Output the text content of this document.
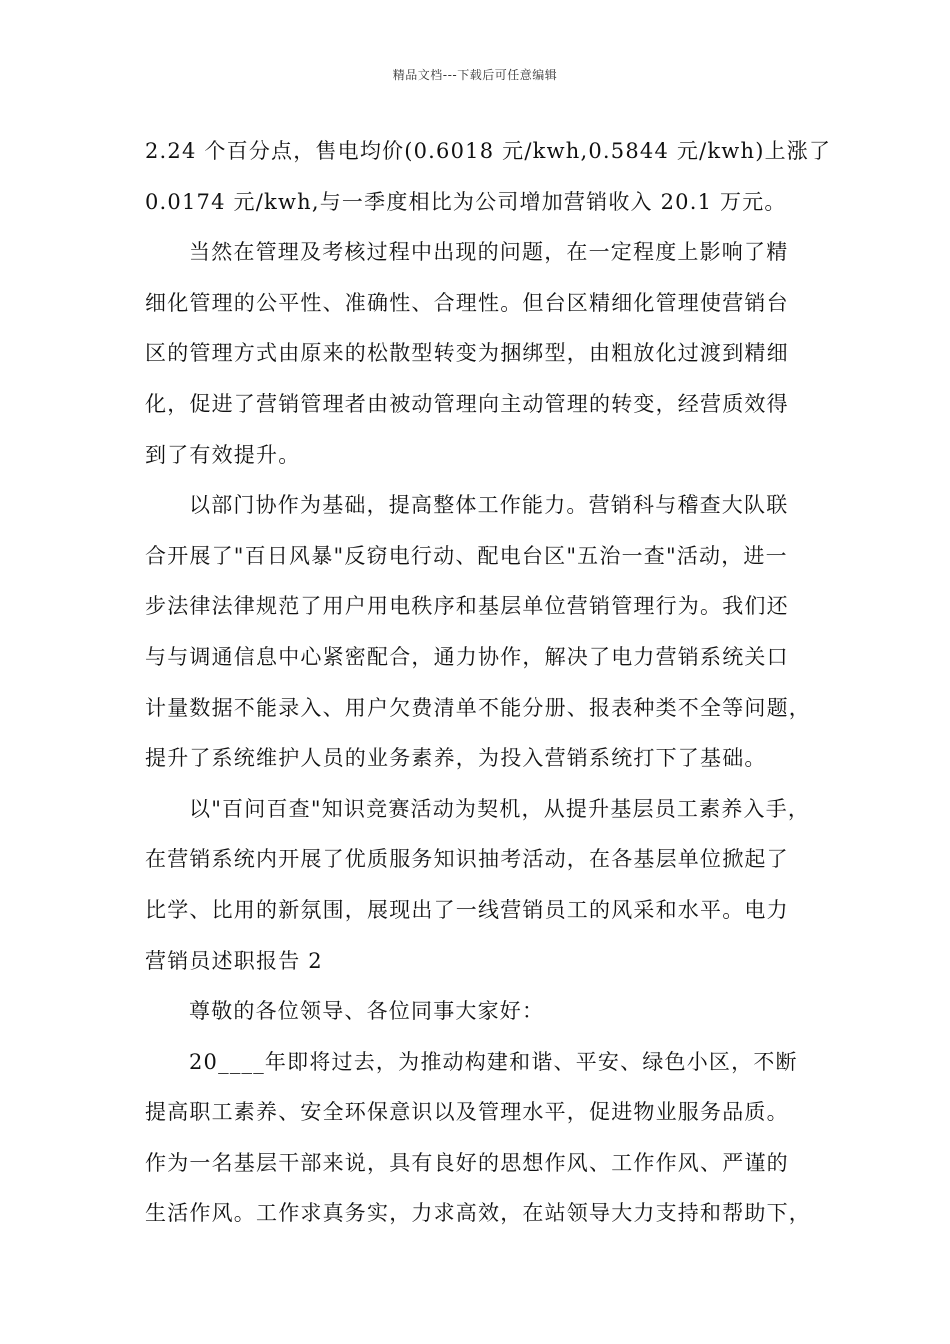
精品文档---下载后可任意编辑
2.24 个百分点，售电均价(0.6018 元/kwh,0.5844 元/kwh)上涨了
0.0174 元/kwh,与一季度相比为公司增加营销收入 20.1 万元。
当然在管理及考核过程中出现的问题，在一定程度上影响了精
细化管理的公平性、准确性、合理性。但台区精细化管理使营销台
区的管理方式由原来的松散型转变为捆绑型，由粗放化过渡到精细
化，促进了营销管理者由被动管理向主动管理的转变，经营质效得
到了有效提升。
以部门协作为基础，提高整体工作能力。营销科与稽查大队联
合开展了"百日风暴"反窃电行动、配电台区"五治一查"活动，进一
步法律法律规范了用户用电秩序和基层单位营销管理行为。我们还
与与调通信息中心紧密配合，通力协作，解决了电力营销系统关口
计量数据不能录入、用户欠费清单不能分册、报表种类不全等问题，
提升了系统维护人员的业务素养，为投入营销系统打下了基础。
以"百问百查"知识竞赛活动为契机，从提升基层员工素养入手，
在营销系统内开展了优质服务知识抽考活动，在各基层单位掀起了
比学、比用的新氛围，展现出了一线营销员工的风采和水平。电力
营销员述职报告 2
尊敬的各位领导、各位同事大家好：
20____年即将过去，为推动构建和谐、平安、绿色小区，不断
提高职工素养、安全环保意识以及管理水平，促进物业服务品质。
作为一名基层干部来说，具有良好的思想作风、工作作风、严谨的
生活作风。工作求真务实，力求高效，在站领导大力支持和帮助下，
